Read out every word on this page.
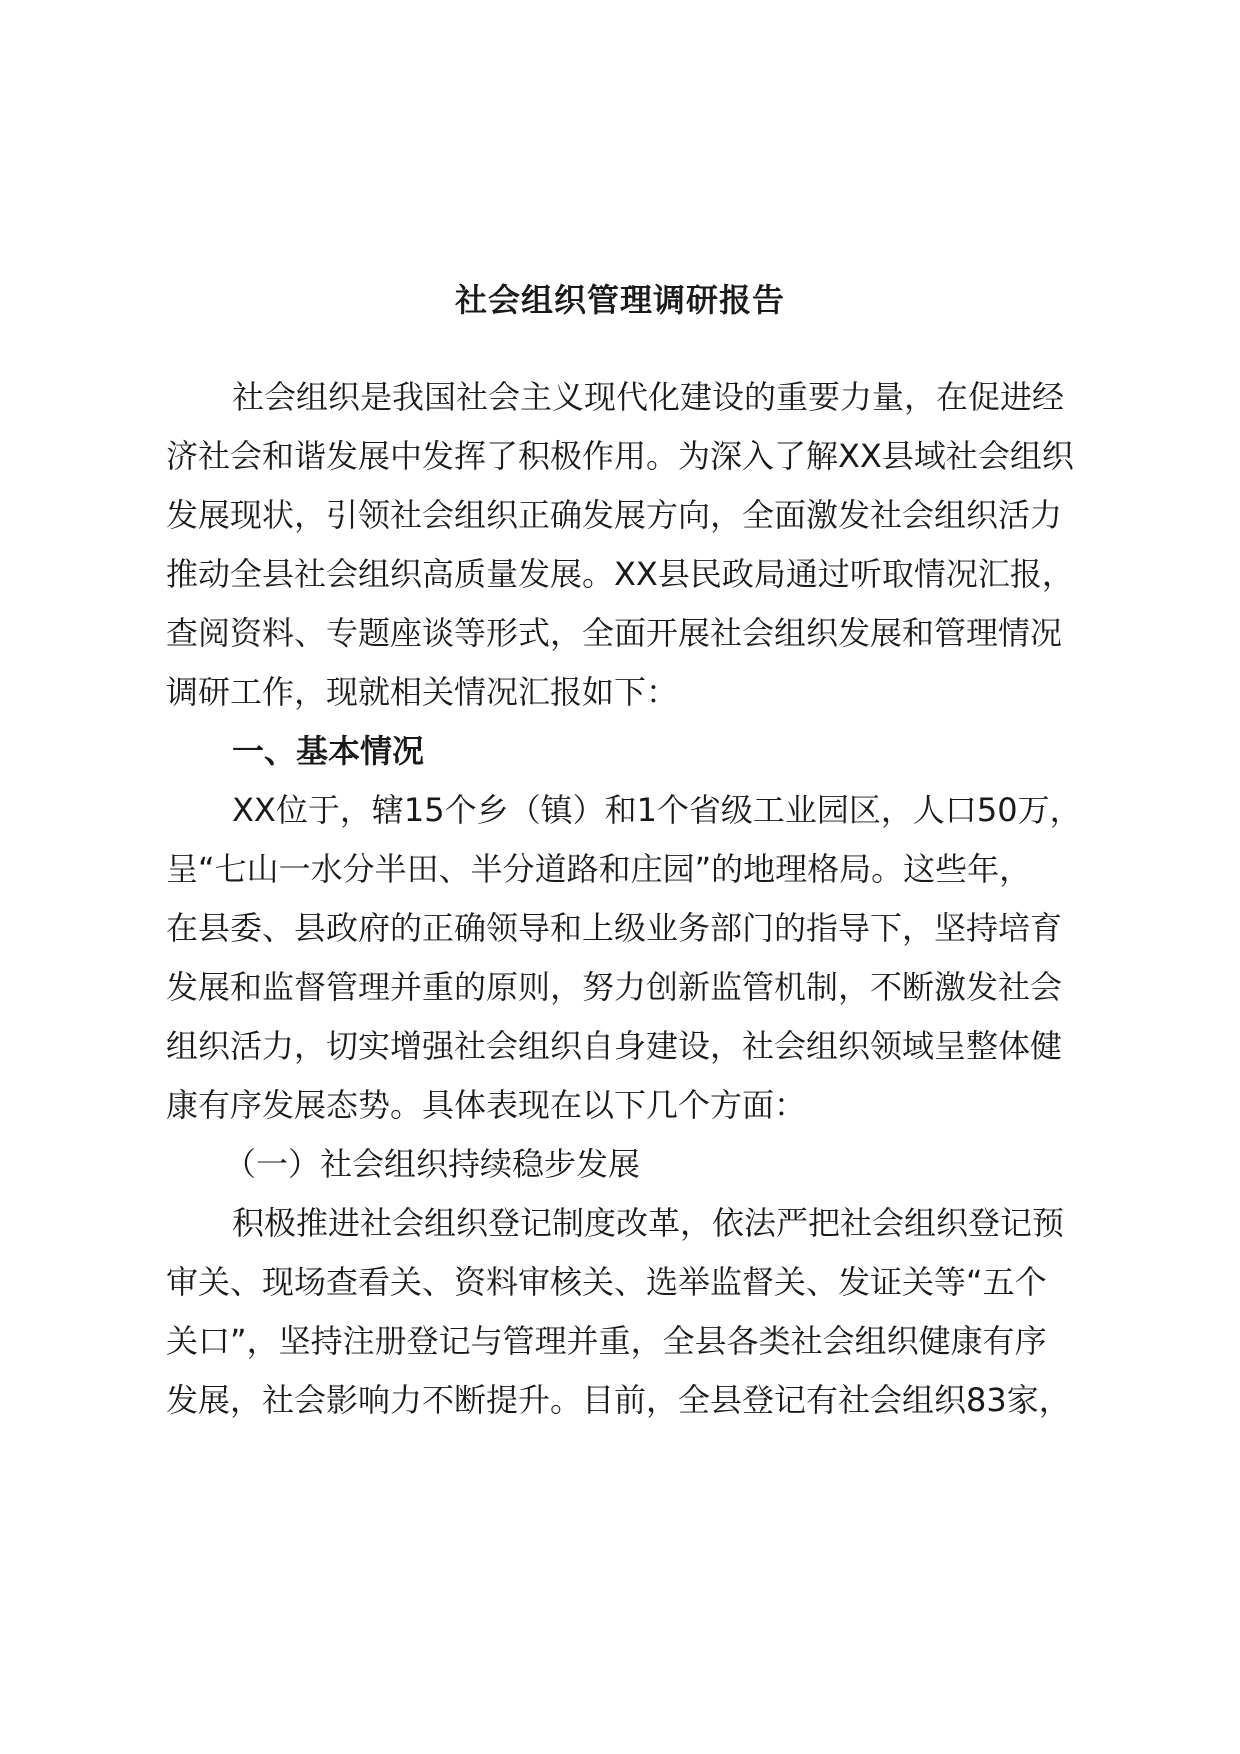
社会组织管理调研报告
社会组织是我国社会主义现代化建设的重要力量，在促进经
济社会和谐发展中发挥了积极作用。为深入了解XX县域社会组织
发展现状，引领社会组织正确发展方向，全面激发社会组织活力
推动全县社会组织高质量发展。XX县民政局通过听取情况汇报，
查阅资料、专题座谈等形式，全面开展社会组织发展和管理情况
调研工作，现就相关情况汇报如下：
一、基本情况
XX位于，辖15个乡（镇）和1个省级工业园区，人口50万，
呈“七山一水分半田、半分道路和庄园”的地理格局。这些年，
在县委、县政府的正确领导和上级业务部门的指导下，坚持培育
发展和监督管理并重的原则，努力创新监管机制，不断激发社会
组织活力，切实增强社会组织自身建设，社会组织领域呈整体健
康有序发展态势。具体表现在以下几个方面：
（一）社会组织持续稳步发展
积极推进社会组织登记制度改革，依法严把社会组织登记预
审关、现场查看关、资料审核关、选举监督关、发证关等“五个
关口”，坚持注册登记与管理并重，全县各类社会组织健康有序
发展，社会影响力不断提升。目前，全县登记有社会组织83家，
